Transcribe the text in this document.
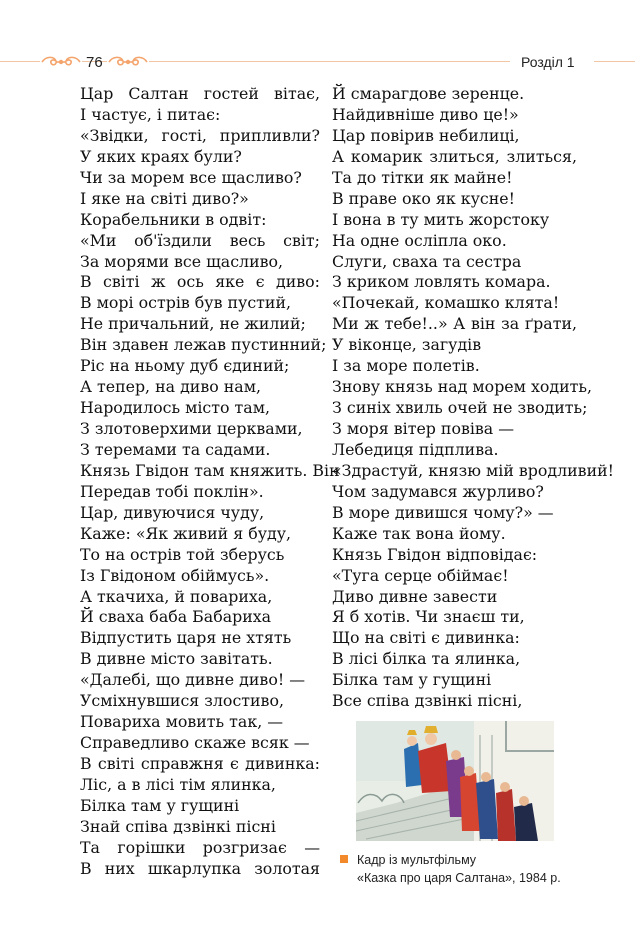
76	Розділ 1
Цар Салтан гостей вітає,
І частує, і питає:
«Звідки, гості, припливли?
У яких краях були?
Чи за морем все щасливо?
І яке на світі диво?»
Корабельники в одвіт:
«Ми об'їздили весь світ;
За морями все щасливо,
В світі ж ось яке є диво:
В морі острів був пустий,
Не причальний, не жилий;
Він здавен лежав пустинний;
Ріс на ньому дуб єдиний;
А тепер, на диво нам,
Народилось місто там,
З злотоверхими церквами,
З теремами та садами.
Князь Гвідон там княжить. Він
Передав тобі поклін».
Цар, дивуючися чуду,
Каже: «Як живий я буду,
То на острів той зберусь
Із Гвідоном обіймусь».
А ткачиха, й повариха,
Й сваха баба Бабариха
Відпустить царя не хтять
В дивне місто завітать.
«Далебі, що дивне диво! —
Усміхнувшися злостиво,
Повариха мовить так, —
Справедливо скаже всяк —
В світі справжня є дивинка:
Ліс, а в лісі тім ялинка,
Білка там у гущині
Знай співа дзвінкі пісні
Та горішки розгризає —
В них шкарлупка золотая
Й смарагдове зеренце.
Найдивніше диво це!»
Цар повірив небилиці,
А комарик злиться, злиться,
Та до тітки як майне!
В праве око як кусне!
І вона в ту мить жорстоку
На одне осліпла око.
Слуги, сваха та сестра
З криком ловлять комара.
«Почекай, комашко клята!
Ми ж тебе!..» А він за ґрати,
У віконце, загудів
І за море полетів.
Знову князь над морем ходить,
З синіх хвиль очей не зводить;
З моря вітер повіва —
Лебедиця підплива.
«Здрастуй, князю мій вродливий!
Чом задумався журливо?
В море дивишся чому?» —
Каже так вона йому.
Князь Гвідон відповідає:
«Туга серце обіймає!
Диво дивне завести
Я б хотів. Чи знаєш ти,
Що на світі є дивинка:
В лісі білка та ялинка,
Білка там у гущині
Все співа дзвінкі пісні,
Кадр із мультфільму
«Казка про царя Салтана», 1984 р.
